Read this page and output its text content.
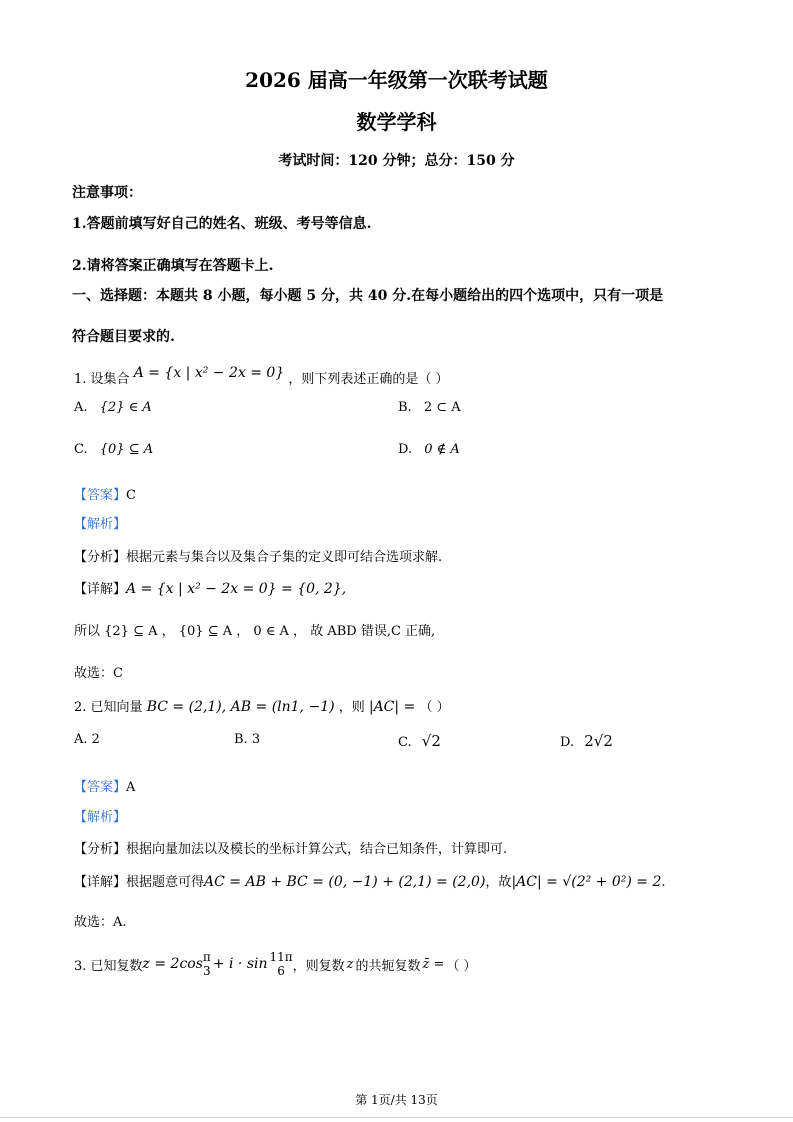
2026 届高一年级第一次联考试题
数学学科
考试时间：120 分钟；总分：150 分
注意事项：
1.答题前填写好自己的姓名、班级、考号等信息.
2.请将答案正确填写在答题卡上.
一、选择题：本题共 8 小题，每小题 5 分，共 40 分.在每小题给出的四个选项中，只有一项是
符合题目要求的.
1. 设集合 A = {x | x² − 2x = 0} ，则下列表述正确的是（ ）
A. {2} ∈ A	B. 2 ⊂ A
C. {0} ⊆ A	D. 0 ∉ A
【答案】C
【解析】
【分析】根据元素与集合以及集合子集的定义即可结合选项求解.
【详解】A = {x | x² − 2x = 0} = {0, 2},
所以 {2} ⊆ A ， {0} ⊆ A ， 0 ∈ A ， 故 ABD 错误,C 正确,
故选：C
2. 已知向量 BC = (2,1), AB = (ln1, −1) ，则 |AC| = （ ）
A. 2	B. 3	C. √2	D. 2√2
【答案】A
【解析】
【分析】根据向量加法以及模长的坐标计算公式，结合已知条件，计算即可.
【详解】根据题意可得AC = AB + BC = (0, −1) + (2,1) = (2,0)，故|AC| = √(2² + 0²) = 2.
故选：A.
3. 已知复数 z = 2cos π
3 + i · sin 11π
6 ，则复数 z 的共轭复数 z̄ = （ ）
第 1页/共 13页
